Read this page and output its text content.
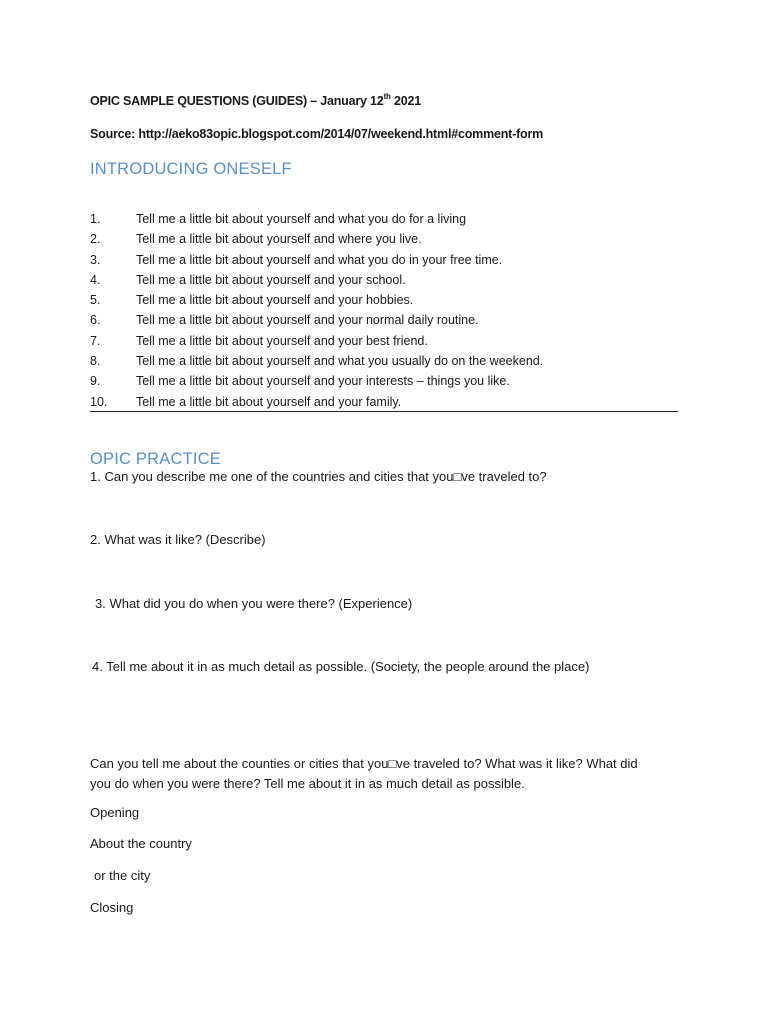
OPIC SAMPLE QUESTIONS (GUIDES) – January 12th 2021
Source: http://aeko83opic.blogspot.com/2014/07/weekend.html#comment-form
INTRODUCING ONESELF
1.	Tell me a little bit about yourself and what you do for a living
2.	Tell me a little bit about yourself and where you live.
3.	Tell me a little bit about yourself and what you do in your free time.
4.	Tell me a little bit about yourself and your school.
5.	Tell me a little bit about yourself and your hobbies.
6.	Tell me a little bit about yourself and your normal daily routine.
7.	Tell me a little bit about yourself and your best friend.
8.	Tell me a little bit about yourself and what you usually do on the weekend.
9.	Tell me a little bit about yourself and your interests – things you like.
10.	Tell me a little bit about yourself and your family.
OPIC PRACTICE
1. Can you describe me one of the countries and cities that you□ve traveled to?
2. What was it like? (Describe)
3. What did you do when you were there? (Experience)
4. Tell me about it in as much detail as possible. (Society, the people around the place)
Can you tell me about the counties or cities that you□ve traveled to? What was it like? What did
you do when you were there? Tell me about it in as much detail as possible.
Opening
About the country
or the city
Closing
